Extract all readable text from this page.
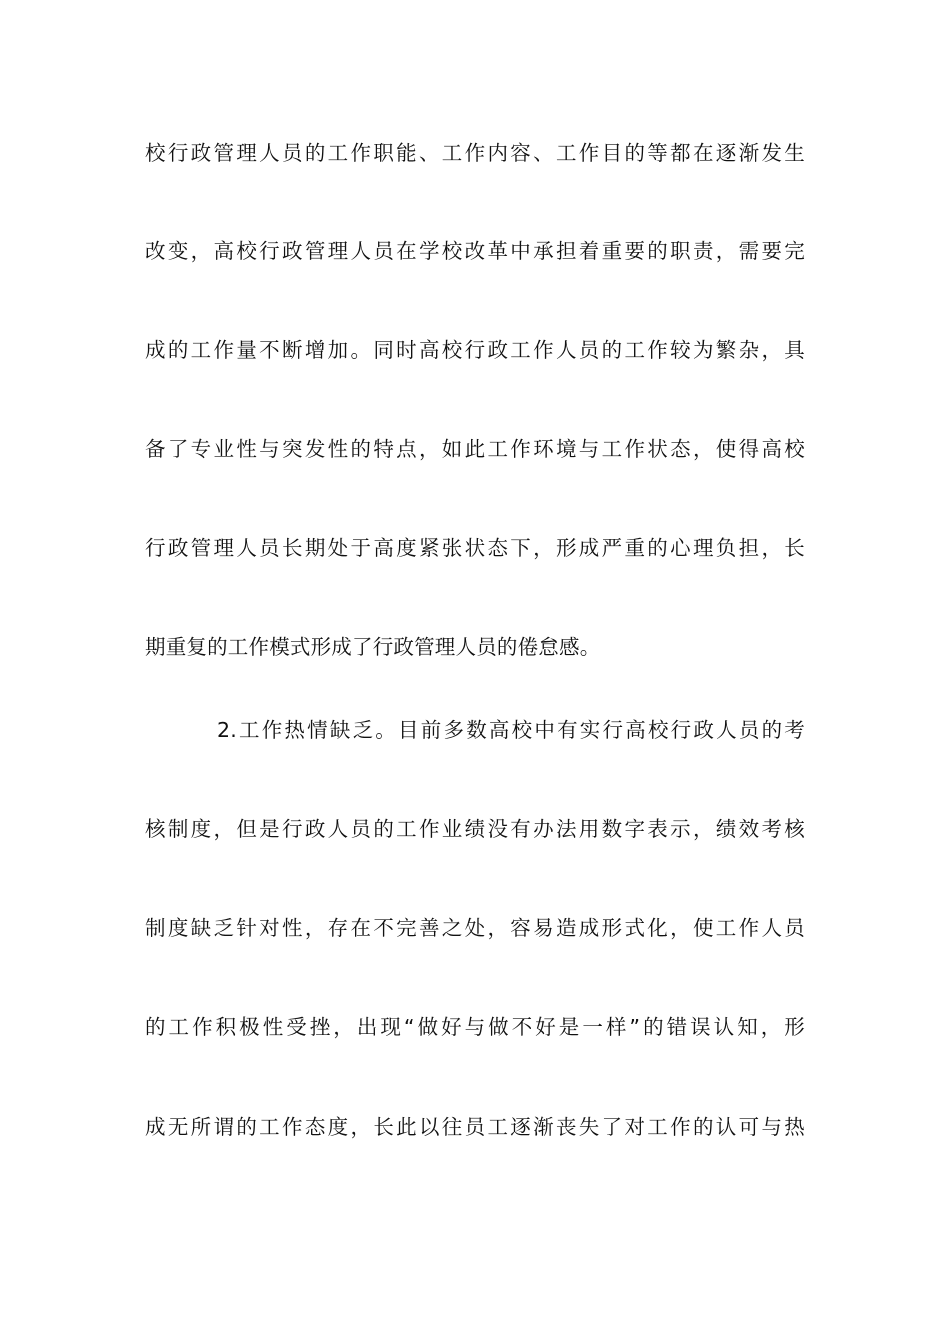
校行政管理人员的工作职能、工作内容、工作目的等都在逐渐发生
改变，高校行政管理人员在学校改革中承担着重要的职责，需要完
成的工作量不断增加。同时高校行政工作人员的工作较为繁杂，具
备了专业性与突发性的特点，如此工作环境与工作状态，使得高校
行政管理人员长期处于高度紧张状态下，形成严重的心理负担，长
期重复的工作模式形成了行政管理人员的倦怠感。
2.工作热情缺乏。目前多数高校中有实行高校行政人员的考
核制度，但是行政人员的工作业绩没有办法用数字表示，绩效考核
制度缺乏针对性，存在不完善之处，容易造成形式化，使工作人员
的工作积极性受挫，出现“做好与做不好是一样”的错误认知，形
成无所谓的工作态度，长此以往员工逐渐丧失了对工作的认可与热
